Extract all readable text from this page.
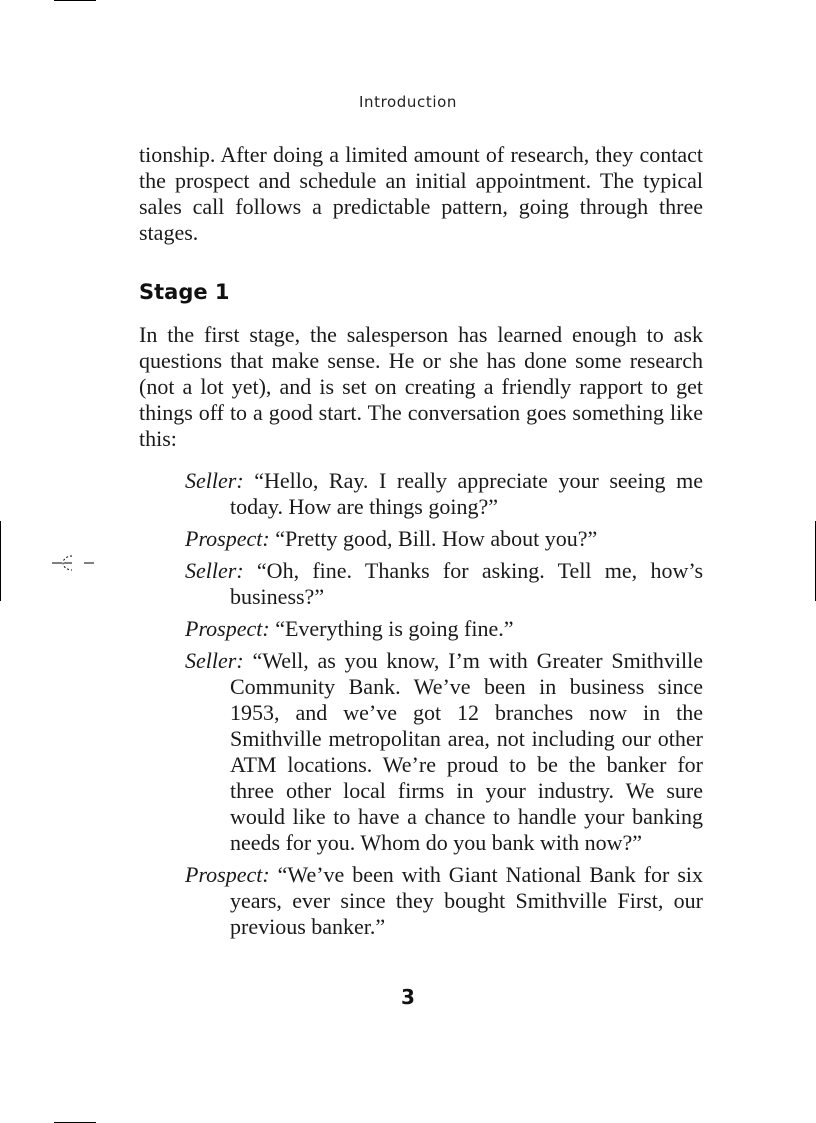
Introduction

tionship. After doing a limited amount of research, they contact the prospect and schedule an initial appointment. The typical sales call follows a predictable pattern, going through three stages.

Stage 1

In the first stage, the salesperson has learned enough to ask questions that make sense. He or she has done some research (not a lot yet), and is set on creating a friendly rapport to get things off to a good start. The conversation goes something like this:

Seller: “Hello, Ray. I really appreciate your seeing me today. How are things going?”
Prospect: “Pretty good, Bill. How about you?”
Seller: “Oh, fine. Thanks for asking. Tell me, how’s business?”
Prospect: “Everything is going fine.”
Seller: “Well, as you know, I’m with Greater Smithville Community Bank. We’ve been in business since 1953, and we’ve got 12 branches now in the Smithville metropolitan area, not including our other ATM locations. We’re proud to be the banker for three other local firms in your industry. We sure would like to have a chance to handle your banking needs for you. Whom do you bank with now?”
Prospect: “We’ve been with Giant National Bank for six years, ever since they bought Smithville First, our previous banker.”
3
